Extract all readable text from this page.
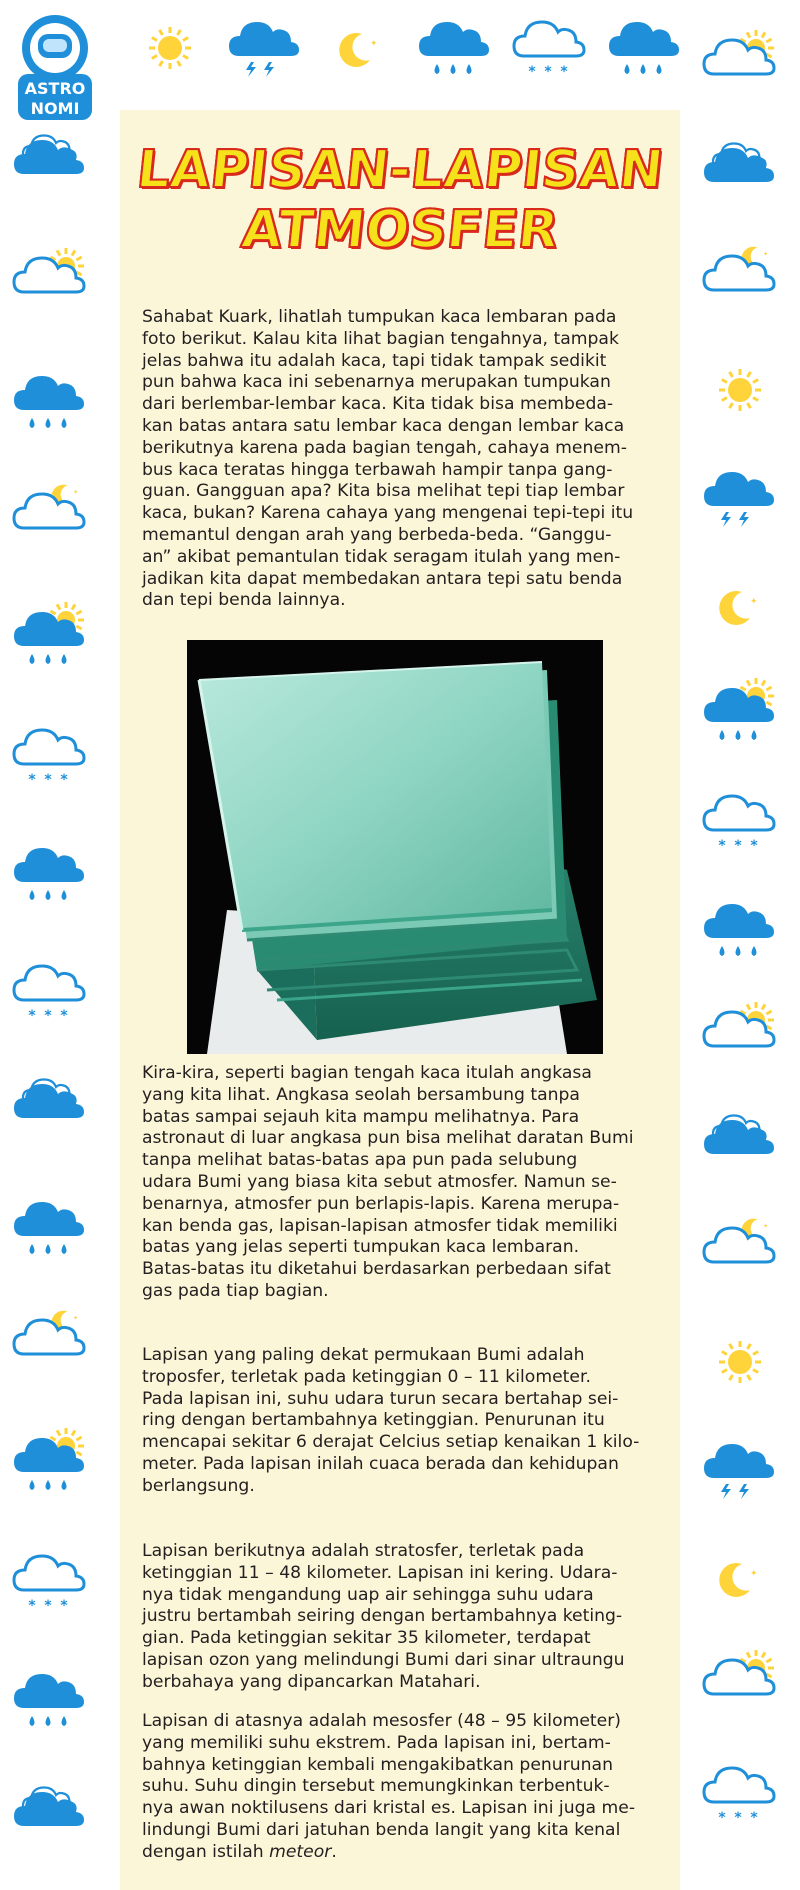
✦
* * *
* * *
✦
* * *
✦
✦
* * *
✦
✦
* * *
✦
* * *
ASTRO
NOMI
LAPISAN-LAPISAN
ATMOSFER

Sahabat Kuark, lihatlah tumpukan kaca lembaran pada
foto berikut. Kalau kita lihat bagian tengahnya, tampak
jelas bahwa itu adalah kaca, tapi tidak tampak sedikit
pun bahwa kaca ini sebenarnya merupakan tumpukan
dari berlembar-lembar kaca. Kita tidak bisa membeda-
kan batas antara satu lembar kaca dengan lembar kaca
berikutnya karena pada bagian tengah, cahaya menem-
bus kaca teratas hingga terbawah hampir tanpa gang-
guan. Gangguan apa? Kita bisa melihat tepi tiap lembar
kaca, bukan? Karena cahaya yang mengenai tepi-tepi itu
memantul dengan arah yang berbeda-beda. “Ganggu-
an” akibat pemantulan tidak seragam itulah yang men-
jadikan kita dapat membedakan antara tepi satu benda
dan tepi benda lainnya.

Kira-kira, seperti bagian tengah kaca itulah angkasa
yang kita lihat. Angkasa seolah bersambung tanpa
batas sampai sejauh kita mampu melihatnya. Para
astronaut di luar angkasa pun bisa melihat daratan Bumi
tanpa melihat batas-batas apa pun pada selubung
udara Bumi yang biasa kita sebut atmosfer. Namun se-
benarnya, atmosfer pun berlapis-lapis. Karena merupa-
kan benda gas, lapisan-lapisan atmosfer tidak memiliki
batas yang jelas seperti tumpukan kaca lembaran.
Batas-batas itu diketahui berdasarkan perbedaan sifat
gas pada tiap bagian.

Lapisan yang paling dekat permukaan Bumi adalah
troposfer, terletak pada ketinggian 0 – 11 kilometer.
Pada lapisan ini, suhu udara turun secara bertahap sei-
ring dengan bertambahnya ketinggian. Penurunan itu
mencapai sekitar 6 derajat Celcius setiap kenaikan 1 kilo-
meter. Pada lapisan inilah cuaca berada dan kehidupan
berlangsung.

Lapisan berikutnya adalah stratosfer, terletak pada
ketinggian 11 – 48 kilometer. Lapisan ini kering. Udara-
nya tidak mengandung uap air sehingga suhu udara
justru bertambah seiring dengan bertambahnya keting-
gian. Pada ketinggian sekitar 35 kilometer, terdapat
lapisan ozon yang melindungi Bumi dari sinar ultraungu
berbahaya yang dipancarkan Matahari.

Lapisan di atasnya adalah mesosfer (48 – 95 kilometer)
yang memiliki suhu ekstrem. Pada lapisan ini, bertam-
bahnya ketinggian kembali mengakibatkan penurunan
suhu. Suhu dingin tersebut memungkinkan terbentuk-
nya awan noktilusens dari kristal es. Lapisan ini juga me-
lindungi Bumi dari jatuhan benda langit yang kita kenal
dengan istilah meteor.
